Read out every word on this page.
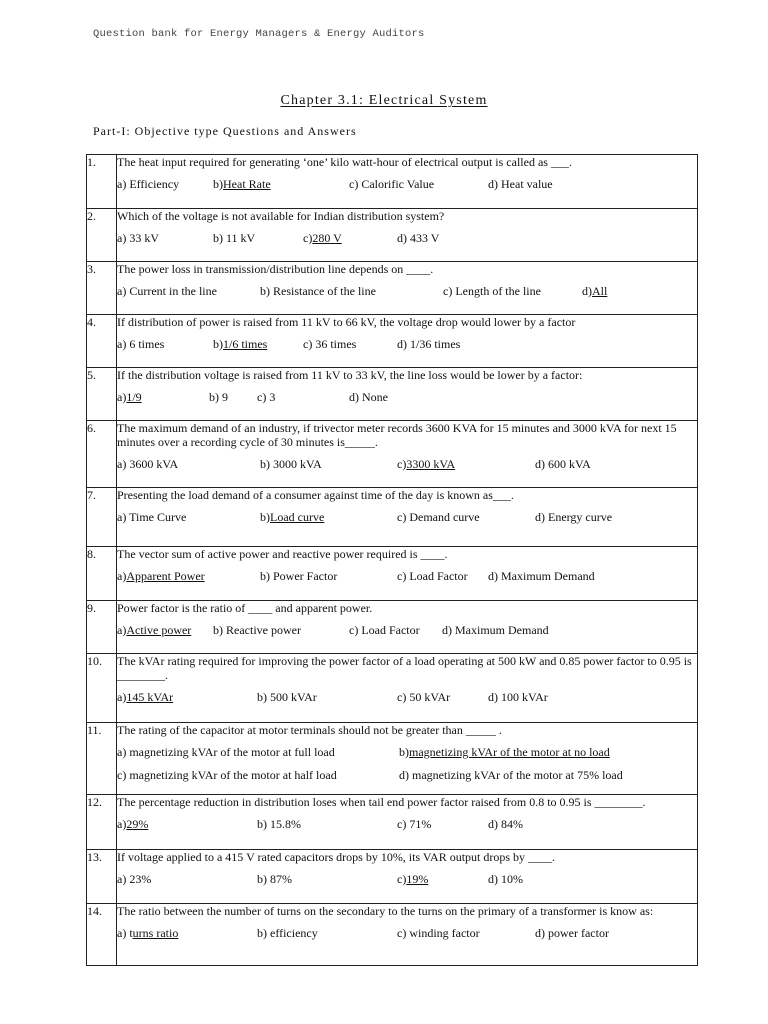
Question bank for Energy Managers & Energy Auditors
Chapter 3.1: Electrical System
Part-I: Objective type Questions and Answers
1.	The heat input required for generating ‘one’ kilo watt-hour of electrical output is called as ___.
a) Efficiency b)Heat Rate c) Calorific Value d) Heat value

2.	Which of the voltage is not available for Indian distribution system?
a) 33 kV b) 11 kV c)280 V d) 433 V

3.	The power loss in transmission/distribution line depends on ____.
a) Current in the line b) Resistance of the line c) Length of the line d)All

4.	If distribution of power is raised from 11 kV to 66 kV, the voltage drop would lower by a factor
a) 6 times b)1/6 times c) 36 times d) 1/36 times

5.	If the distribution voltage is raised from 11 kV to 33 kV, the line loss would be lower by a factor:
a)1/9 b) 9 c) 3 d) None

6.	The maximum demand of an industry, if trivector meter records 3600 KVA for 15 minutes and 3000 kVA for next 15 minutes over a recording cycle of 30 minutes is_____.
a) 3600 kVA b) 3000 kVA c)3300 kVA d) 600 kVA

7.	Presenting the load demand of a consumer against time of the day is known as___.
a) Time Curve b)Load curve c) Demand curve d) Energy curve

8.	The vector sum of active power and reactive power required is ____.
a)Apparent Power b) Power Factor c) Load Factor d) Maximum Demand

9.	Power factor is the ratio of ____ and apparent power.
a)Active power b) Reactive power c) Load Factor d) Maximum Demand

10.	The kVAr rating required for improving the power factor of a load operating at 500 kW and 0.85 power factor to 0.95 is ________.
a)145 kVAr b) 500 kVAr c) 50 kVAr d) 100 kVAr

11.	The rating of the capacitor at motor terminals should not be greater than _____ .
a) magnetizing kVAr of the motor at full load b)magnetizing kVAr of the motor at no load
c) magnetizing kVAr of the motor at half load d) magnetizing kVAr of the motor at 75% load

12.	The percentage reduction in distribution loses when tail end power factor raised from 0.8 to 0.95 is ________.
a)29% b) 15.8% c) 71% d) 84%

13.	If voltage applied to a 415 V rated capacitors drops by 10%, its VAR output drops by ____.
a) 23% b) 87% c)19% d) 10%

14.	The ratio between the number of turns on the secondary to the turns on the primary of a transformer is know as:
a) turns ratio b) efficiency c) winding factor d) power factor
